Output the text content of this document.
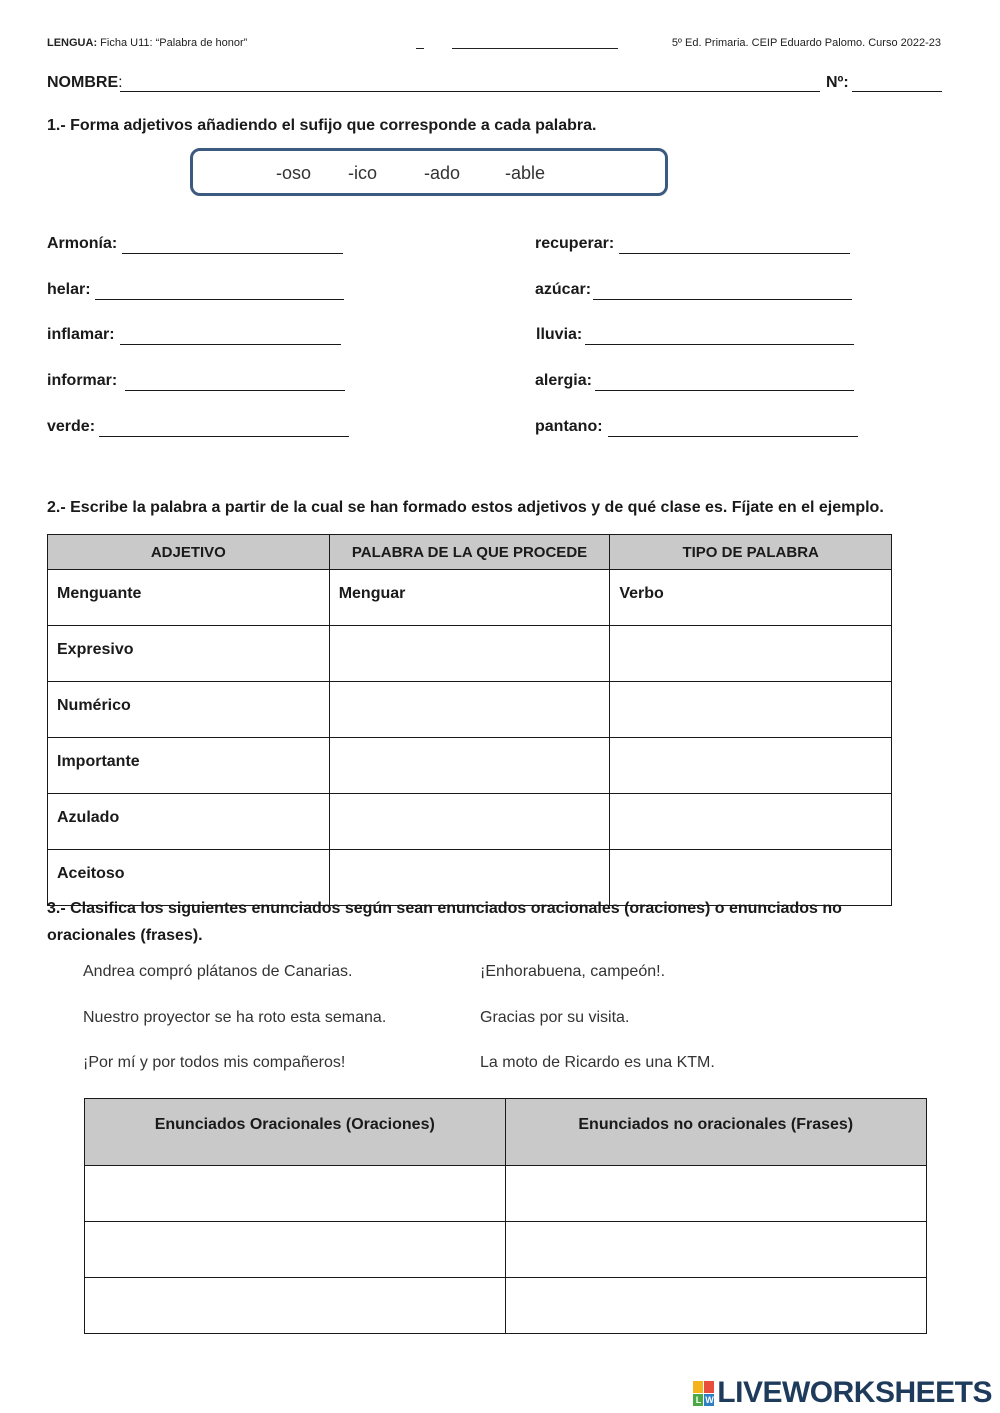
LENGUA: Ficha U11: “Palabra de honor”	5º Ed. Primaria. CEIP Eduardo Palomo. Curso 2022-23
NOMBRE:	Nº:
1.- Forma adjetivos añadiendo el sufijo que corresponde a cada palabra.
-oso -ico	-ado -able
Armonía:
helar:
inflamar:
informar:
verde:
recuperar:
azúcar:
lluvia:
alergia:
pantano:
2.- Escribe la palabra a partir de la cual se han formado estos adjetivos y de qué clase es. Fíjate en el ejemplo.
ADJETIVO	PALABRA DE LA QUE PROCEDE	TIPO DE PALABRA
Menguante	Menguar	Verbo
Expresivo		
Numérico		
Importante		
Azulado		
Aceitoso		
3.- Clasifica los siguientes enunciados según sean enunciados oracionales (oraciones) o enunciados no
oracionales (frases).
Andrea compró plátanos de Canarias.
Nuestro proyector se ha roto esta semana.
¡Por mí y por todos mis compañeros!
¡Enhorabuena, campeón!.
Gracias por su visita.
La moto de Ricardo es una KTM.
Enunciados Oracionales (Oraciones)	Enunciados no oracionales (Frases)

L W LIVEWORKSHEETS
